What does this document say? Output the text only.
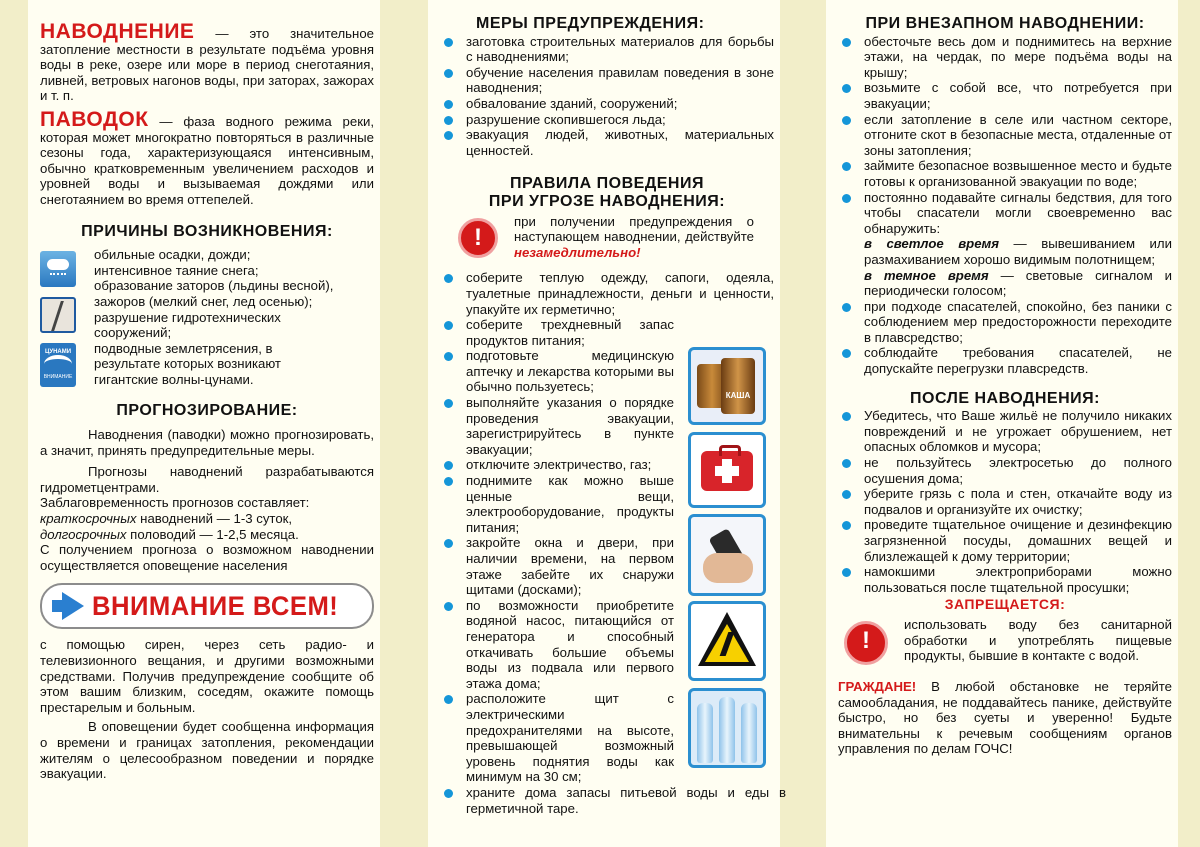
НАВОДНЕНИЕ — это значительное затопление местности в результате подъёма уровня воды в реке, озере или море в период снеготаяния, ливней, ветровых нагонов воды, при заторах, зажорах и т. п.
ПАВОДОК — фаза водного режима реки, которая может многократно повторяться в различные сезоны года, характеризующаяся интенсивным, обычно кратковременным увеличением расходов и уровней воды и вызываемая дождями или снеготаянием во время оттепелей.

ПРИЧИНЫ ВОЗНИКНОВЕНИЯ:

ЦУНАМИ
ВНИМАНИЕ
обильные осадки, дожди;
интенсивное таяние снега;
образование заторов (льдины весной),
зажоров (мелкий снег, лед осенью);
разрушение гидротехнических сооружений;
подводные землетрясения, в результате которых возникают гигантские волны-цунами.

ПРОГНОЗИРОВАНИЕ:

Наводнения (паводки) можно прогнозировать, а значит, принять предупредительные меры.
Прогнозы наводнений разрабатываются гидрометцентрами.
Заблаговременность прогнозов составляет:
краткосрочных наводнений — 1-3 суток,
долгосрочных половодий — 1-2,5 месяца.
С получением прогноза о возможном наводнении осуществляется оповещение населения
ВНИМАНИЕ ВСЕМ!
с помощью сирен, через сеть радио- и телевизионного вещания, и другими возможными средствами. Получив предупреждение сообщите об этом вашим близким, соседям, окажите помощь престарелым и больным.
В оповещении будет сообщенна информация о времени и границах затопления, рекомендации жителям о целесообразном поведении и порядке эвакуации.

МЕРЫ ПРЕДУПРЕЖДЕНИЯ:

заготовка строительных материалов для борьбы с наводнениями;
обучение населения правилам поведения в зоне наводнения;
обвалование зданий, сооружений;
разрушение скопившегося льда;
эвакуация людей, животных, материальных ценностей.

ПРАВИЛА ПОВЕДЕНИЯ

ПРИ УГРОЗЕ НАВОДНЕНИЯ:

!
при получении предупреждения о наступающем наводнении, действуйте незамедлительно!
соберите теплую одежду, сапоги, одеяла, туалетные принадлежности, деньги и ценности, упакуйте их герметично;
соберите трехдневный запас продуктов питания;
подготовьте медицинскую аптечку и лекарства которыми вы обычно пользуетесь;
выполняйте указания о порядке проведения эвакуации, зарегистрируйтесь в пункте эвакуации;
отключите электричество, газ;
поднимите как можно выше ценные вещи, электрооборудование, продукты питания;
закройте окна и двери, при наличии времени, на первом этаже забейте их снаружи щитами (досками);
по возможности приобретите водяной насос, питающийся от генератора и способный откачивать большие объемы воды из подвала или первого этажа дома;
расположите щит с электрическими предохранителями на высоте, превышающей возможный уровень поднятия воды как минимум на 30 см;
храните дома запасы питьевой воды и еды в герметичной таре.
КАША

ПРИ ВНЕЗАПНОМ НАВОДНЕНИИ:

обесточьте весь дом и поднимитесь на верхние этажи, на чердак, по мере подъёма воды на крышу;
возьмите с собой все, что потребуется при эвакуации;
если затопление в селе или частном секторе, отгоните скот в безопасные места, отдаленные от зоны затопления;
займите безопасное возвышенное место и будьте готовы к организованной эвакуации по воде;
постоянно подавайте сигналы бедствия, для того чтобы спасатели могли своевременно вас обнаружить:
в светлое время — вывешиванием или размахиванием хорошо видимым полотнищем;
в темное время — световые сигналом и периодически голосом;
при подходе спасателей, спокойно, без паники с соблюдением мер предосторожности переходите в плавсредство;
соблюдайте требования спасателей, не допускайте перегрузки плавсредств.

ПОСЛЕ НАВОДНЕНИЯ:

Убедитесь, что Ваше жильё не получило никаких повреждений и не угрожает обрушением, нет опасных обломков и мусора;
не пользуйтесь электросетью до полного осушения дома;
уберите грязь с пола и стен, откачайте воду из подвалов и организуйте их очистку;
проведите тщательное очищение и дезинфекцию загрязненной посуды, домашних вещей и близлежащей к дому территории;
намокшими электроприборами можно пользоваться после тщательной просушки;

ЗАПРЕЩАЕТСЯ:

!
использовать воду без санитарной обработки и употреблять пищевые продукты, бывшие в контакте с водой.
ГРАЖДАНЕ! В любой обстановке не теряйте самообладания, не поддавайтесь панике, действуйте быстро, но без суеты и уверенно! Будьте внимательны к речевым сообщениям органов управления по делам ГОЧС!
